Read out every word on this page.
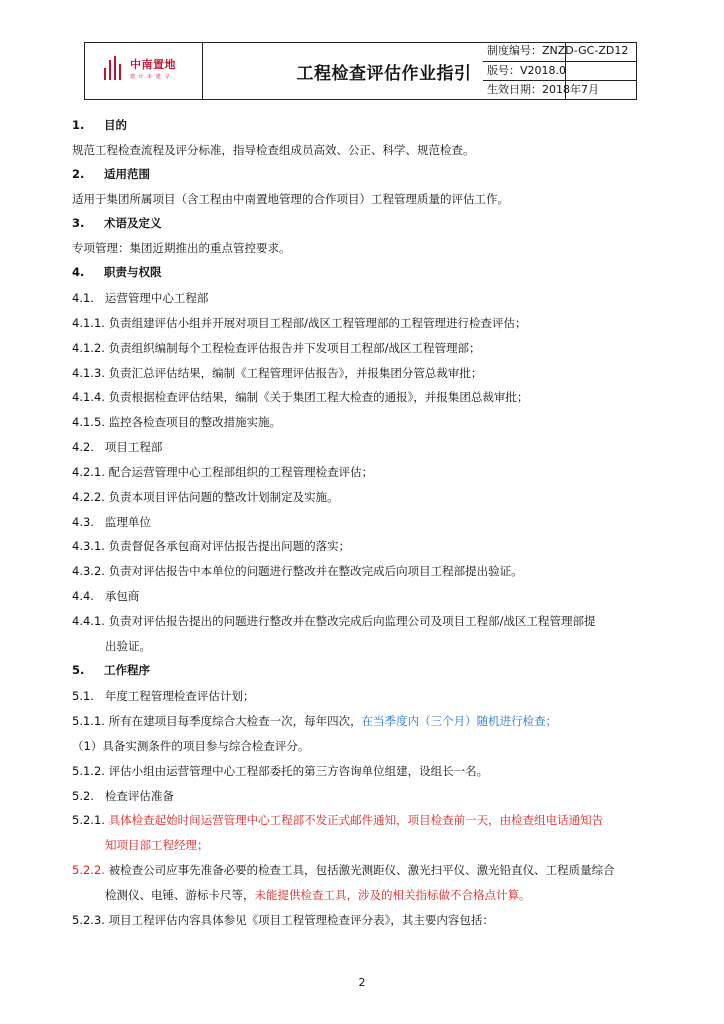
中南置地
建 计 未 建 寻	工程检查评估作业指引
制度编号：ZNZD-GC-ZD12
版号：V2018.0
生效日期：2018年7月
1. 目的
规范工程检查流程及评分标准，指导检查组成员高效、公正、科学、规范检查。
2. 适用范围
适用于集团所属项目（含工程由中南置地管理的合作项目）工程管理质量的评估工作。
3. 术语及定义
专项管理：集团近期推出的重点管控要求。
4. 职责与权限
4.1.   运营管理中心工程部
4.1.1. 负责组建评估小组并开展对项目工程部/战区工程管理部的工程管理进行检查评估；
4.1.2. 负责组织编制每个工程检查评估报告并下发项目工程部/战区工程管理部；
4.1.3. 负责汇总评估结果，编制《工程管理评估报告》，并报集团分管总裁审批；
4.1.4. 负责根据检查评估结果，编制《关于集团工程大检查的通报》，并报集团总裁审批；
4.1.5. 监控各检查项目的整改措施实施。
4.2.   项目工程部
4.2.1. 配合运营管理中心工程部组织的工程管理检查评估；
4.2.2. 负责本项目评估问题的整改计划制定及实施。
4.3.   监理单位
4.3.1. 负责督促各承包商对评估报告提出问题的落实；
4.3.2. 负责对评估报告中本单位的问题进行整改并在整改完成后向项目工程部提出验证。
4.4.   承包商
4.4.1. 负责对评估报告提出的问题进行整改并在整改完成后向监理公司及项目工程部/战区工程管理部提
出验证。
5. 工作程序
5.1.   年度工程管理检查评估计划；
5.1.1. 所有在建项目每季度综合大检查一次，每年四次，在当季度内（三个月）随机进行检查；
（1）具备实测条件的项目参与综合检查评分。
5.1.2. 评估小组由运营管理中心工程部委托的第三方咨询单位组建，设组长一名。
5.2.   检查评估准备
5.2.1. 具体检查起始时间运营管理中心工程部不发正式邮件通知，项目检查前一天，由检查组电话通知告
知项目部工程经理；
5.2.2. 被检查公司应事先准备必要的检查工具，包括激光测距仪、激光扫平仪、激光铅直仪、工程质量综合
检测仪、电锤、游标卡尺等，未能提供检查工具，涉及的相关指标做不合格点计算。
5.2.3. 项目工程评估内容具体参见《项目工程管理检查评分表》，其主要内容包括：
2
